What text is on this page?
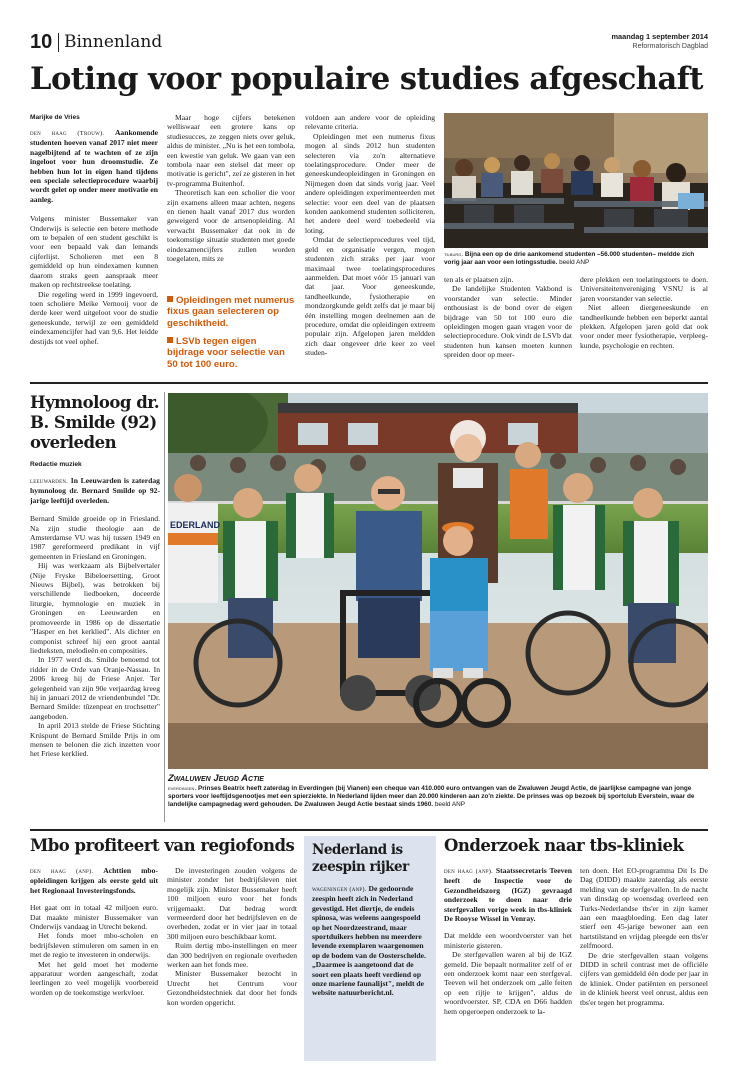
10 Binnenland	maandag 1 september 2014
Reformatorisch Dagblad
Loting voor populaire studies afgeschaft
Marijke de Vries

den haag (Trouw). Aankomende studenten hoeven vanaf 2017 niet meer nagelbijtend af te wachten of ze zijn ingeloot voor hun droomstudie. Ze hebben hun lot in eigen hand tijdens een speciale selectieprocedure waarbij wordt gelet op onder meer motivatie en aanleg.

Volgens minister Bussemaker van Onderwijs is selectie een betere methode om te bepalen of een student geschikt is voor een bepaald vak dan lemands cijferlijst. Scholieren met een 8 gemiddeld op hun eindexamen kunnen daarom straks geen aanspraak meer maken op rechtstreekse toelating.

Die regeling werd in 1999 ingevoerd, toen scholiere Meike Vernooij voor de derde keer werd uitgeloot voor de studie geneeskunde, terwijl ze een gemiddeld eindexamencijfer had van 9,6. Het leidde destijds tot veel ophef.

Maar hoge cijfers betekenen welliswaar een grotere kans op studiesucces, ze zeggen niets over geluk, aldus de minister. „Nu is het een tombola, een kwestie van geluk. We gaan van een tombola naar een stelsel dat meer op motivatie is gericht", zei ze gisteren in het tv-programma Buitenhof.

Theoretisch kan een scholier die voor zijn examens alleen maar achten, negens en tienen haalt vanaf 2017 dus worden geweigerd voor de artsenopleiding. Al verwacht Bussemaker dat ook in de toekomstige situatie studenten met goede eindexamencijfers zullen worden toegelaten, mits ze

Opleidingen met numerus fixus gaan selecteren op geschiktheid.
LSVb tegen eigen bijdrage voor selectie van 50 tot 100 euro.

voldoen aan andere voor de opleiding relevante criteria.

Opleidingen met een numerus fixus mogen al sinds 2012 hun studenten selecteren via zo'n alternatieve toelatingsprocedure. Onder meer de geneeskundeopleidingen in Groningen en Nijmegen doen dat sinds vorig jaar. Veel andere opleidingen experimenteerden met selectie: voor een deel van de plaatsen konden aankomend studenten solliciteren, het andere deel werd toebedeeld via loting.

Omdat de selectieprocedures veel tijd, geld en organisatie vergen, mogen studenten zich straks per jaar voor maximaal twee toelatingsprocedures aanmelden. Dat moet vóór 15 januari van dat jaar. Voor geneeskunde, tandheelkunde, fysiotherapie en mondzorgkunde geldt zelfs dat je maar bij één instelling mogen deelnemen aan de procedure, omdat die opleidingen extreem populair zijn. Afgelopen jaren meldden zich daar ongeveer drie keer zo veel studen-

tilburg. Bijna een op de drie aankomend studenten –56.000 studenten– meldde zich vorig jaar aan voor een lotingsstudie. beeld ANP

ten als er plaatsen zijn.

De landelijke Studenten Vakbond is voorstander van selectie. Minder enthousiast is de bond over de eigen bijdrage van 50 tot 100 euro die opleidingen mogen gaan vragen voor de selectieprocedure. Ook vindt de LSVb dat studenten hun kansen moeten kunnen spreiden door op meer-

dere plekken een toelatingstoets te doen. Universiteitenvereniging VSNU is al jaren voorstander van selectie.

Niet alleen diergeneeskunde en tandheelkunde hebben een beperkt aantal plekken. Afgelopen jaren gold dat ook voor onder meer fysiotherapie, verpleeg-kunde, psychologie en rechten.

Hymnoloog dr. B. Smilde (92) overleden
Redactie muziek

leeuwarden. In Leeuwarden is zaterdag hymnoloog dr. Bernard Smilde op 92-jarige leeftijd overleden.

Bernard Smilde groeide op in Friesland. Na zijn studie theologie aan de Amsterdamse VU was hij tussen 1949 en 1987 gereformeerd predikant in vijf gemeenten in Friesland en Groningen.

Hij was werkzaam als Bijbelvertaler (Nije Fryske Bibeloersetting, Groot Nieuws Bijbel), was betrokken bij verschillende liedboeken, doceerde liturgie, hymnologie en muziek in Groningen en Leeuwarden en promoveerde in 1986 op de dissertatie "Hasper en het kerklied". Als dichter en componist schreef hij een groot aantal liedteksten, melodieën en composities.

In 1977 werd ds. Smilde benoemd tot ridder in de Orde van Oranje-Nassau. In 2006 kreeg hij de Friese Anjer. Ter gelegenheid van zijn 90e verjaardag kreeg hij in januari 2012 de vriendenbundel "Dr. Bernard Smilde: tûzenpeat en trochsetter" aangeboden.

In april 2013 stelde de Friese Stichting Krúspunt de Bernard Smilde Prijs in om mensen te belonen die zich inzetten voor het Friese kerklied.

EDERLAND
Zwaluwen Jeugd Actie
everdingen. Prinses Beatrix heeft zaterdag in Everdingen (bij Vianen) een cheque van 410.000 euro ontvangen van de Zwaluwen Jeugd Actie, de jaarlijkse campagne van jonge sporters voor leeftijdsgenootjes met een spierziekte. In Nederland lijden meer dan 20.000 kinderen aan zo'n ziekte. De prinses was op bezoek bij sportclub Everstein, waar de landelijke campagnedag werd gehouden. De Zwaluwen Jeugd Actie bestaat sinds 1960. beeld ANP
Mbo profiteert van regiofonds

den haag (anp). Achttien mbo-opleidingen krijgen als eerste geld uit het Regionaal Investeringsfonds.

Het gaat om in totaal 42 miljoen euro. Dat maakte minister Bussemaker van Onderwijs vandaag in Utrecht bekend.

Het fonds moet mbo-scholen en bedrijfsleven stimuleren om samen in en met de regio te investeren in onderwijs.

Met het geld moet het moderne apparatuur worden aangeschaft, zodat leerlingen zo veel mogelijk voorbereid worden op de toekomstige werkvloer.

De investeringen zouden volgens de minister zonder het bedrijfsleven niet mogelijk zijn. Minister Bussemaker heeft 100 miljoen euro voor het fonds vrijgemaakt. Dat bedrag wordt vermeerderd door het bedrijfsleven en de overheden, zodat er in vier jaar in totaal 300 miljoen euro beschikbaar komt.

Ruim dertig mbo-instellingen en meer dan 300 bedrijven en regionale overheden werken aan het fonds mee.

Minister Bussemaker bezocht in Utrecht het Centrum voor Gezondheidstechniek dat door het fonds kon worden opgericht.

Nederland is zeespin rijker

wageningen (anp). De gedoornde zeespin heeft zich in Nederland gevestigd. Het diertje, de endeis spinosa, was weleens aangespoeld op het Noordzeestrand, maar sportduikers hebben nu meerdere levende exemplaren waargenomen op de bodem van de Oosterschelde. „Daarmee is aangetoond dat de soort een plaats heeft verdiend op onze mariene faunalijst", meldt de website natuurbericht.nl.

Onderzoek naar tbs-kliniek

den haag (anp). Staatssecretaris Teeven heeft de Inspectie voor de Gezondheidszorg (IGZ) gevraagd onderzoek te doen naar drie sterfgevallen vorige week in tbs-kliniek De Rooyse Wissel in Venray.

Dat meldde een woordvoerster van het ministerie gisteren.

De sterfgevallen waren al bij de IGZ gemeld. Die bepaalt normaliter zelf of er een onderzoek komt naar een sterfgeval. Teeven wil het onderzoek om „alle feiten op een rijtje te krijgen", aldus de woordvoerster. SP, CDA en D66 hadden hem opgeroepen onderzoek te la-

ten doen. Het EO-programma Dit Is De Dag (DIDD) maakte zaterdag als eerste melding van de sterfgevallen. In de nacht van dinsdag op woensdag overleed een Turks-Nederlandse tbs'er in zijn kamer aan een maagbloeding. Een dag later stierf een 45-jarige bewoner aan een hartstilstand en vrijdag pleegde een tbs'er zelfmoord.

De drie sterfgevallen staan volgens DIDD in schril contrast met de officiële cijfers van gemiddeld één dode per jaar in de kliniek. Onder patiënten en personeel in de kliniek heerst veel onrust, aldus een tbs'er tegen het programma.
